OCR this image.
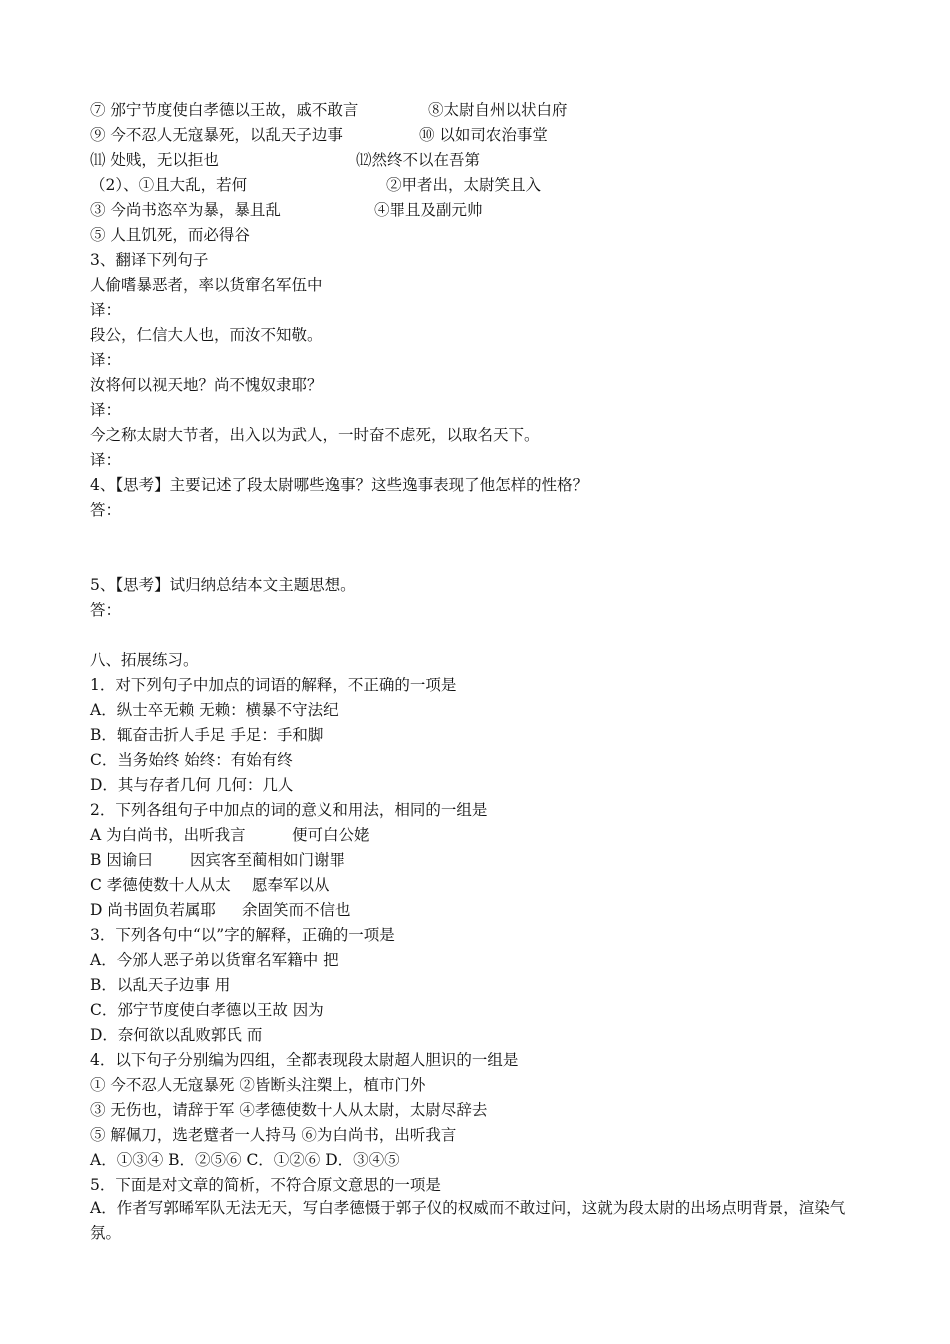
⑦ 邠宁节度使白孝德以王故，戚不敢言	⑧太尉自州以状白府
⑨ 今不忍人无寇暴死，以乱天子边事	⑩ 以如司农治事堂
⑾ 处贱，无以拒也	⑿然终不以在吾第
（2）、①且大乱，若何	②甲者出，太尉笑且入
③ 今尚书恣卒为暴，暴且乱	④罪且及副元帅
⑤ 人且饥死，而必得谷
3、翻译下列句子
人偷嗜暴恶者，率以货窜名军伍中
译：
段公，仁信大人也，而汝不知敬。
译：
汝将何以视天地？尚不愧奴隶耶？
译：
今之称太尉大节者，出入以为武人，一时奋不虑死，以取名天下。
译：
4、【思考】主要记述了段太尉哪些逸事？这些逸事表现了他怎样的性格？
答：
5、【思考】试归纳总结本文主题思想。
答：
八、拓展练习。
1．对下列句子中加点的词语的解释，不正确的一项是
A．纵士卒无赖 无赖：横暴不守法纪
B．辄奋击折人手足 手足：手和脚
C．当务始终 始终：有始有终
D．其与存者几何 几何：几人
2．下列各组句子中加点的词的意义和用法，相同的一组是
A 为白尚书，出听我言	便可白公姥
B 因谕曰 因宾客至蔺相如门谢罪
C 孝德使数十人从太 愿奉军以从
D 尚书固负若属耶 余固笑而不信也
3．下列各句中“以”字的解释，正确的一项是
A．今邠人恶子弟以货窜名军籍中 把
B．以乱天子边事 用
C．邠宁节度使白孝德以王故 因为
D．奈何欲以乱败郭氏 而
4．以下句子分别编为四组，全都表现段太尉超人胆识的一组是
① 今不忍人无寇暴死 ②皆断头注槊上，植市门外
③ 无伤也，请辞于军 ④孝德使数十人从太尉，太尉尽辞去
⑤ 解佩刀，选老躄者一人持马 ⑥为白尚书，出听我言
A．①③④ B．②⑤⑥ C．①②⑥ D．③④⑤
5．下面是对文章的简析，不符合原文意思的一项是
A．作者写郭晞军队无法无天，写白孝德慑于郭子仪的权威而不敢过问，这就为段太尉的出场点明背景，渲染气氛。
